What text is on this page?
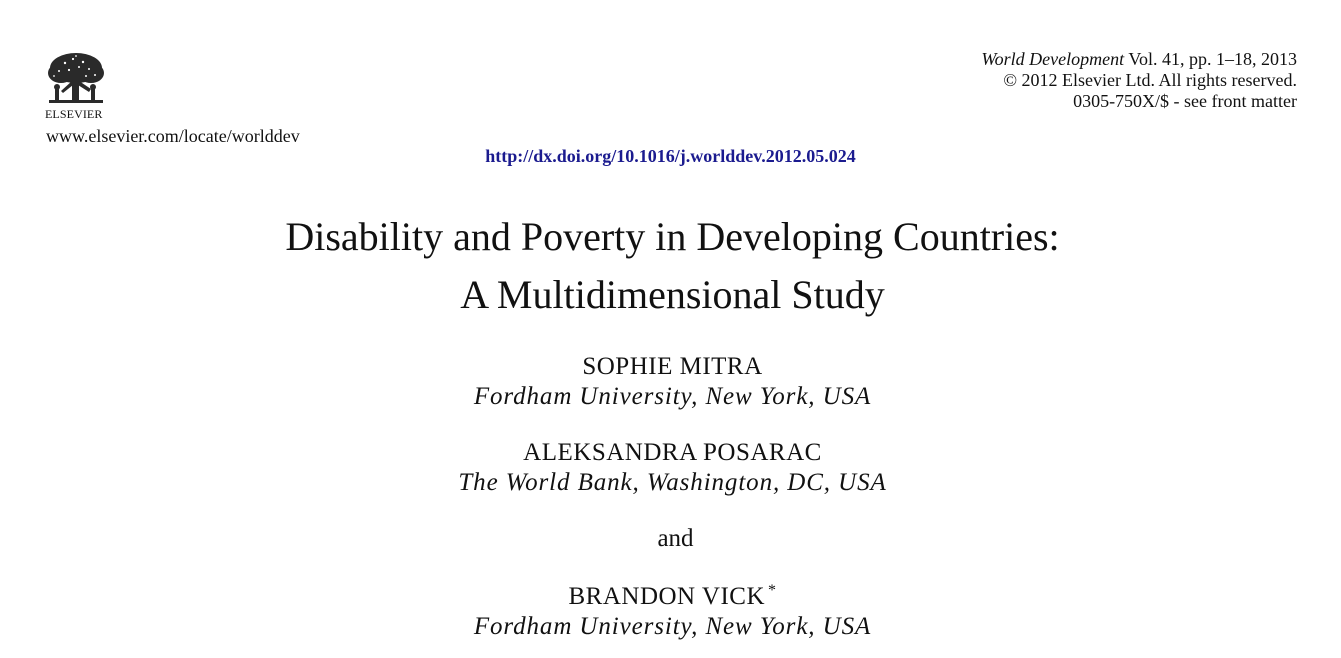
ELSEVIER
www.elsevier.com/locate/worlddev
World Development Vol. 41, pp. 1–18, 2013
© 2012 Elsevier Ltd. All rights reserved.
0305-750X/$ - see front matter
http://dx.doi.org/10.1016/j.worlddev.2012.05.024
Disability and Poverty in Developing Countries:
A Multidimensional Study
SOPHIE MITRA
Fordham University, New York, USA
ALEKSANDRA POSARAC
The World Bank, Washington, DC, USA
and
BRANDON VICK *
Fordham University, New York, USA
